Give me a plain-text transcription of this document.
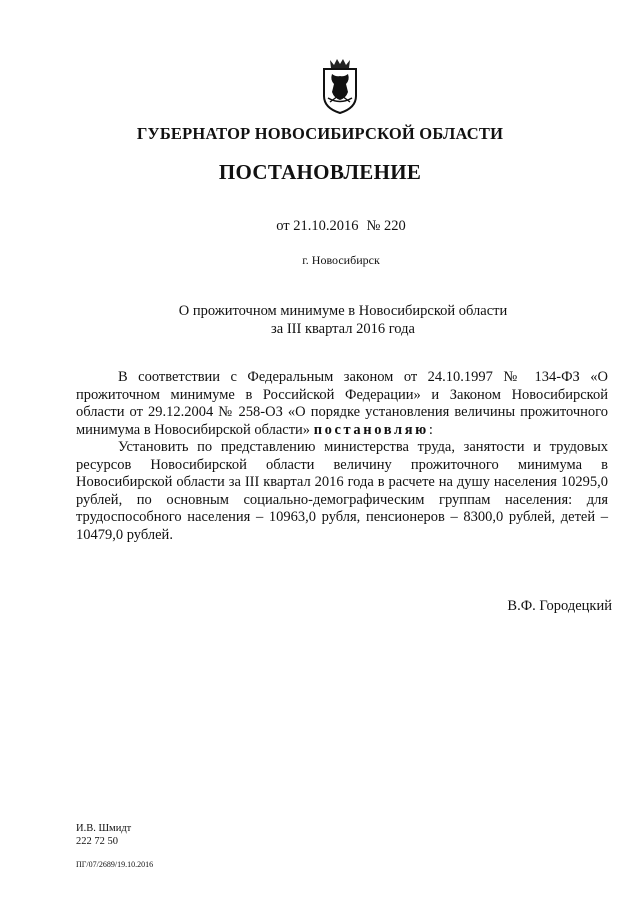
ГУБЕРНАТОР НОВОСИБИРСКОЙ ОБЛАСТИ
ПОСТАНОВЛЕНИЕ
от 21.10.2016 № 220
г. Новосибирск
О прожиточном минимуме в Новосибирской области
за III квартал 2016 года

В соответствии с Федеральным законом от 24.10.1997 № 134-ФЗ «О прожиточном минимуме в Российской Федерации» и Законом Новосибирской области от 29.12.2004 № 258-ОЗ «О порядке установления величины прожиточного минимума в Новосибирской области» постановляю:

Установить по представлению министерства труда, занятости и трудовых ресурсов Новосибирской области величину прожиточного минимума в Новосибирской области за III квартал 2016 года в расчете на душу населения 10295,0 рублей, по основным социально-демографическим группам населения: для трудоспособного населения – 10963,0 рубля, пенсионеров – 8300,0 рублей, детей – 10479,0 рублей.

В.Ф. Городецкий
И.В. Шмидт
222 72 50
ПГ/07/2689/19.10.2016
